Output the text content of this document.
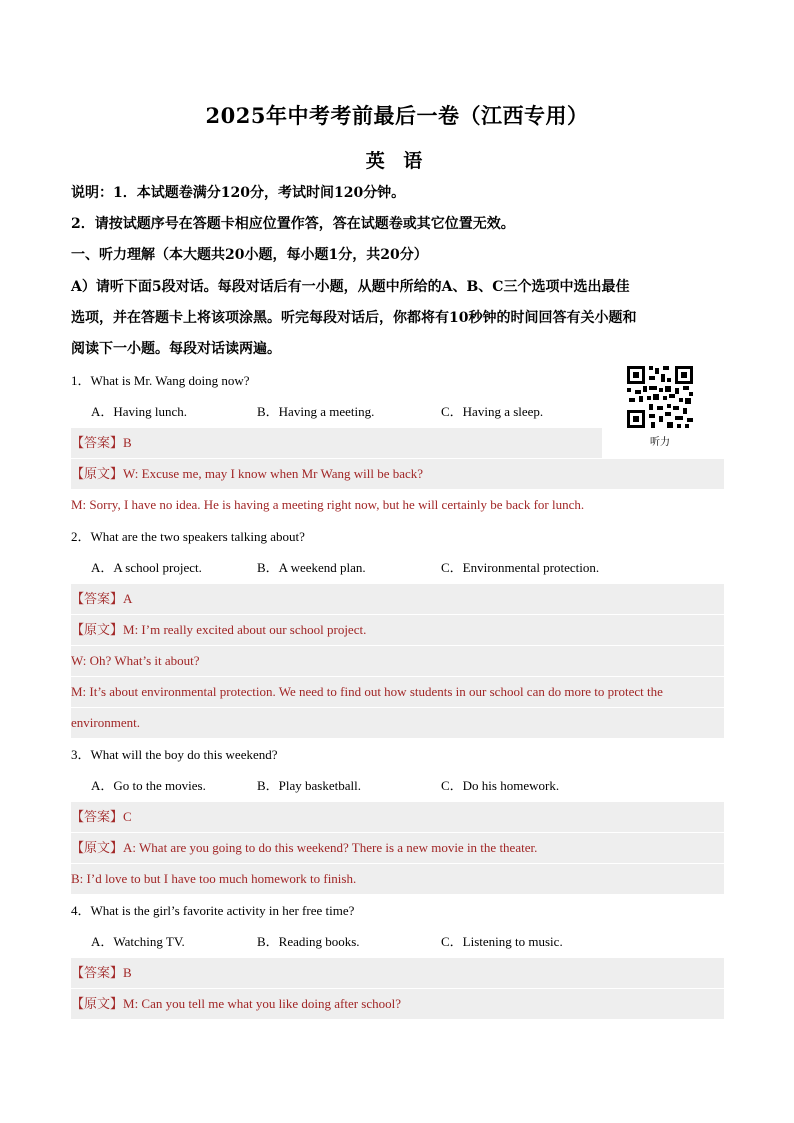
2025年中考考前最后一卷（江西专用）
英 语
说明：1．本试题卷满分120分，考试时间120分钟。
2．请按试题序号在答题卡相应位置作答，答在试题卷或其它位置无效。
一、听力理解（本大题共20小题，每小题1分，共20分）
A）请听下面5段对话。每段对话后有一小题，从题中所给的A、B、C三个选项中选出最佳
选项，并在答题卡上将该项涂黑。听完每段对话后，你都将有10秒钟的时间回答有关小题和
阅读下一小题。每段对话读两遍。
听力
1．What is Mr. Wang doing now?
A．Having lunch.	B．Having a meeting.	C．Having a sleep.
【答案】B
【原文】W: Excuse me, may I know when Mr Wang will be back?
M: Sorry, I have no idea. He is having a meeting right now, but he will certainly be back for lunch.
2．What are the two speakers talking about?
A．A school project.	B．A weekend plan.	C．Environmental protection.
【答案】A
【原文】M: I’m really excited about our school project.
W: Oh? What’s it about?
M: It’s about environmental protection. We need to find out how students in our school can do more to protect the
environment.
3．What will the boy do this weekend?
A．Go to the movies.	B．Play basketball.	C．Do his homework.
【答案】C
【原文】A: What are you going to do this weekend? There is a new movie in the theater.
B: I’d love to but I have too much homework to finish.
4．What is the girl’s favorite activity in her free time?
A．Watching TV.	B．Reading books.	C．Listening to music.
【答案】B
【原文】M: Can you tell me what you like doing after school?
